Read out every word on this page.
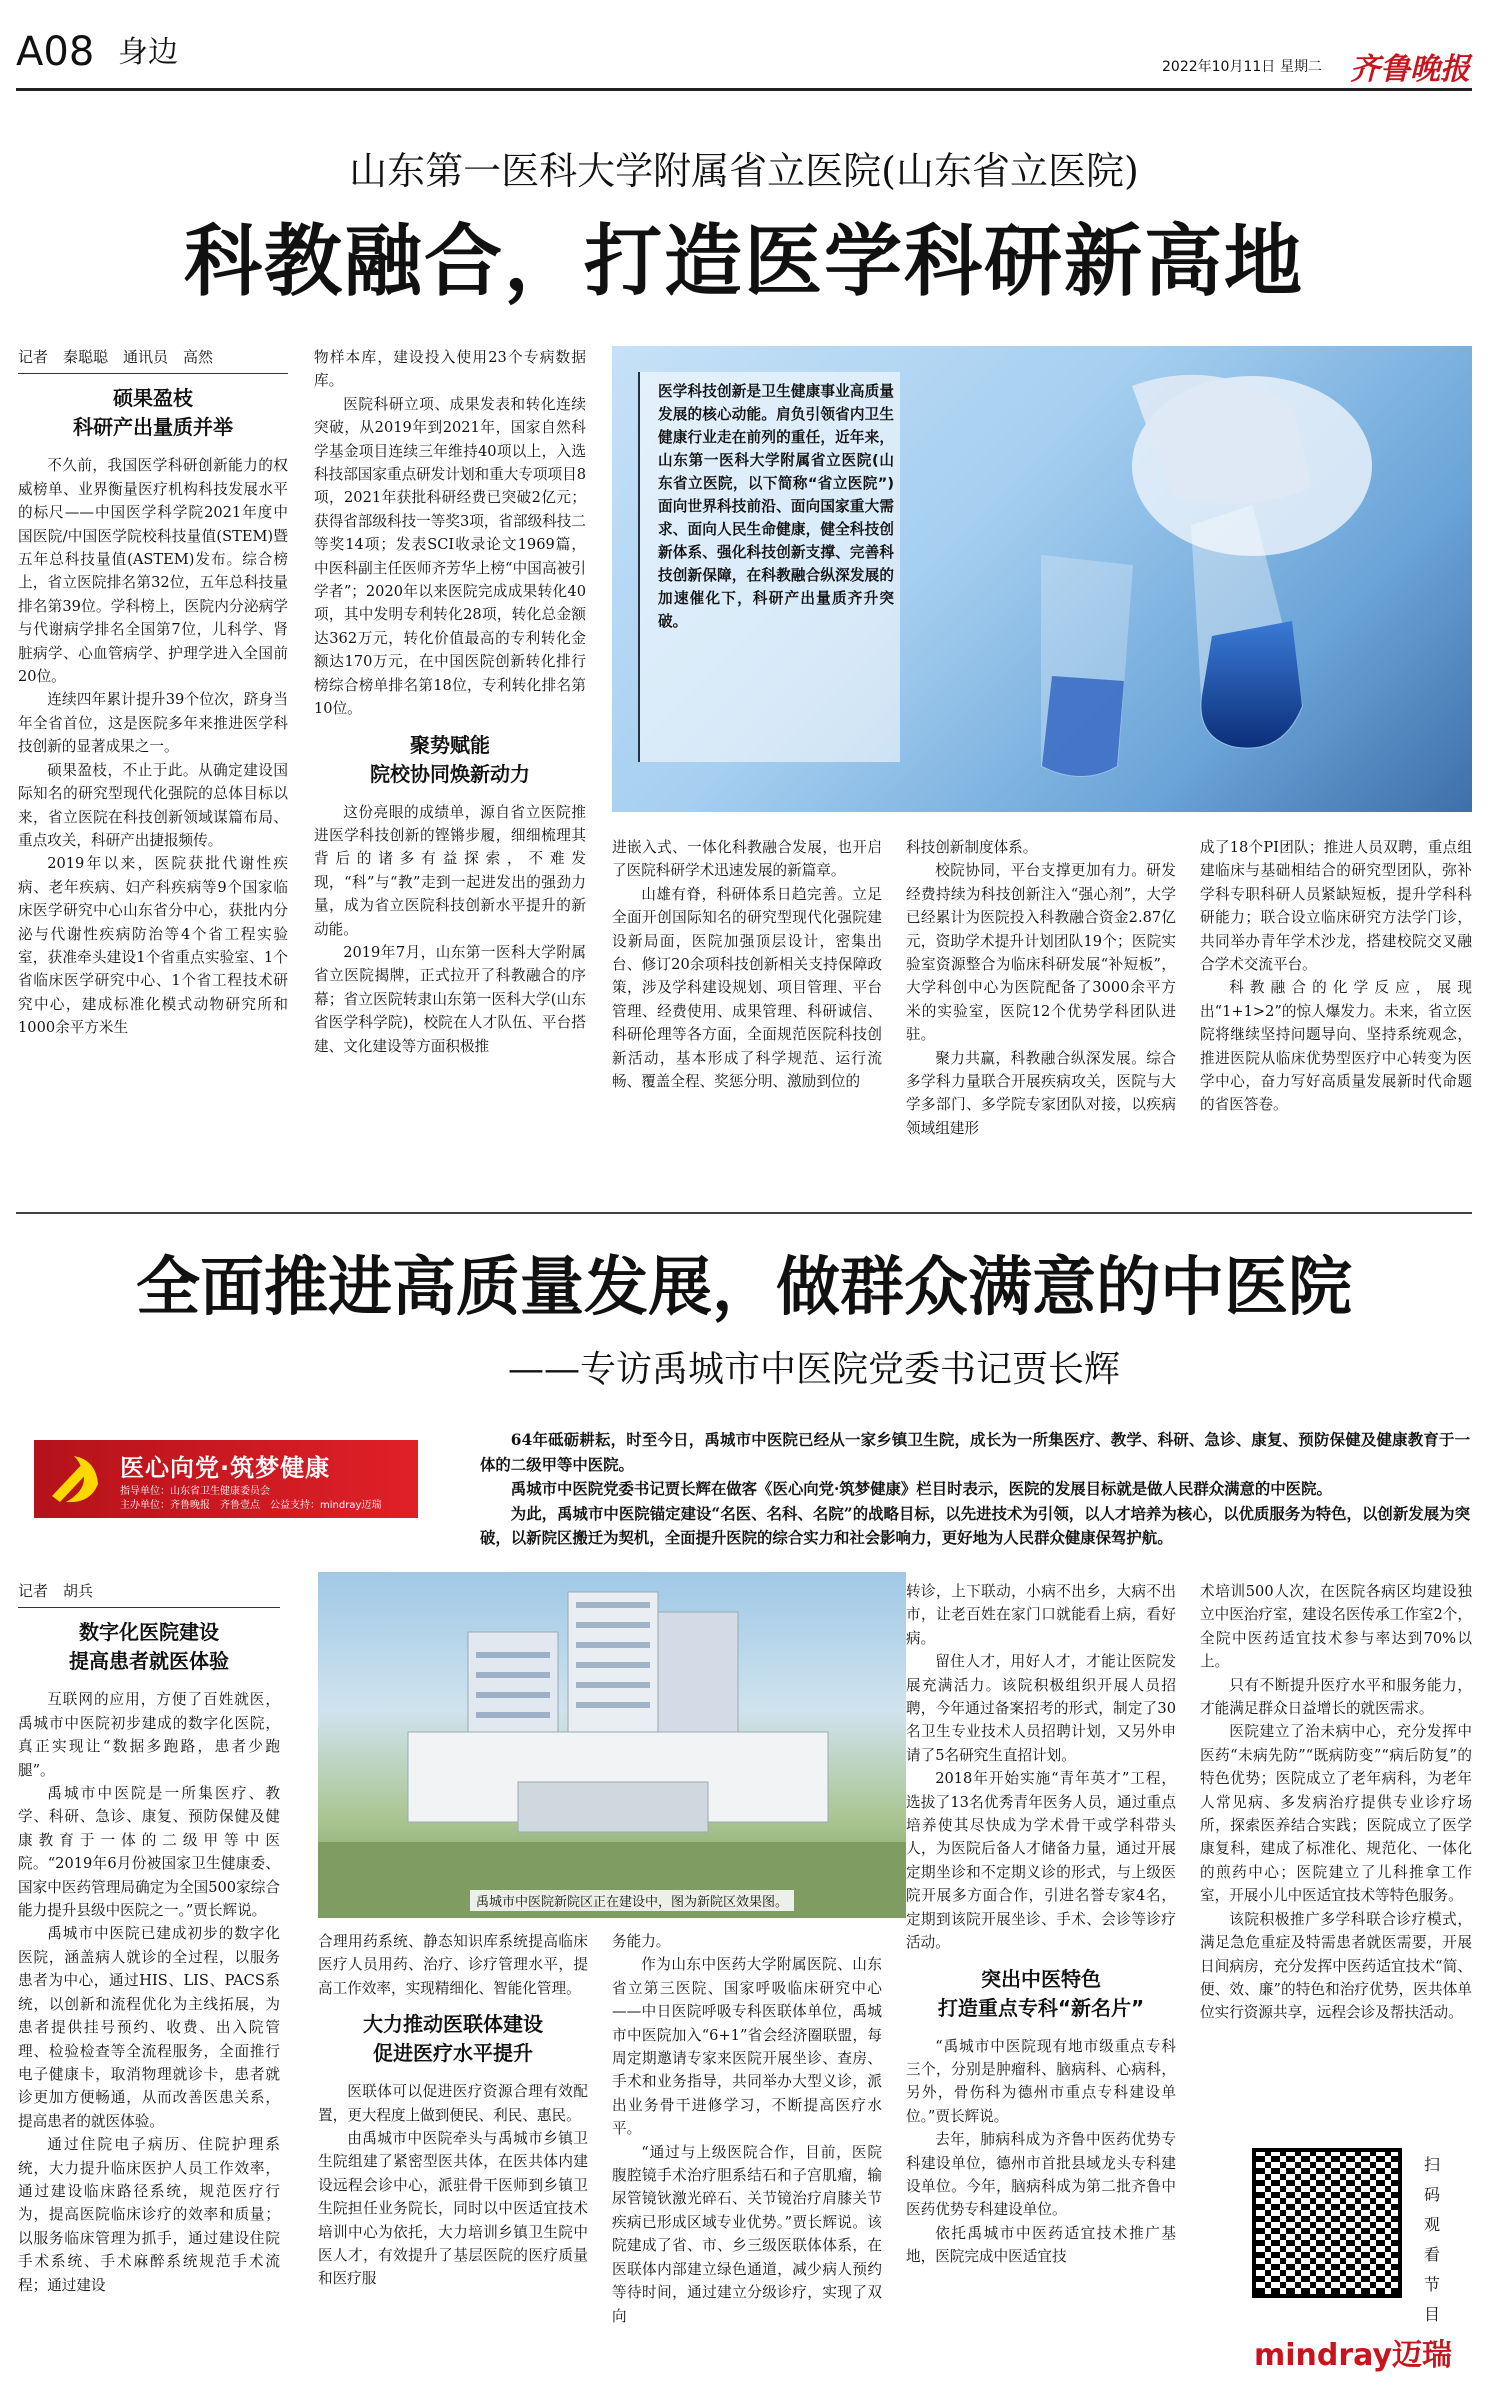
A08 身边	2022年10月11日 星期二 齐鲁晚报
山东第一医科大学附属省立医院(山东省立医院)
科教融合，打造医学科研新高地
记者　秦聪聪　通讯员　高然
硕果盈枝
科研产出量质并举

不久前，我国医学科研创新能力的权威榜单、业界衡量医疗机构科技发展水平的标尺——中国医学科学院2021年度中国医院/中国医学院校科技量值(STEM)暨五年总科技量值(ASTEM)发布。综合榜上，省立医院排名第32位，五年总科技量排名第39位。学科榜上，医院内分泌病学与代谢病学排名全国第7位，儿科学、肾脏病学、心血管病学、护理学进入全国前20位。

连续四年累计提升39个位次，跻身当年全省首位，这是医院多年来推进医学科技创新的显著成果之一。

硕果盈枝，不止于此。从确定建设国际知名的研究型现代化强院的总体目标以来，省立医院在科技创新领域谋篇布局、重点攻关，科研产出捷报频传。

2019年以来，医院获批代谢性疾病、老年疾病、妇产科疾病等9个国家临床医学研究中心山东省分中心，获批内分泌与代谢性疾病防治等4个省工程实验室，获准牵头建设1个省重点实验室、1个省临床医学研究中心、1个省工程技术研究中心，建成标准化模式动物研究所和1000余平方米生

物样本库，建设投入使用23个专病数据库。

医院科研立项、成果发表和转化连续突破，从2019年到2021年，国家自然科学基金项目连续三年维持40项以上，入选科技部国家重点研发计划和重大专项项目8项，2021年获批科研经费已突破2亿元；获得省部级科技一等奖3项，省部级科技二等奖14项；发表SCI收录论文1969篇，中医科副主任医师齐芳华上榜“中国高被引学者”；2020年以来医院完成成果转化40项，其中发明专利转化28项，转化总金额达362万元，转化价值最高的专利转化金额达170万元，在中国医院创新转化排行榜综合榜单排名第18位，专利转化排名第10位。

聚势赋能
院校协同焕新动力

这份亮眼的成绩单，源自省立医院推进医学科技创新的铿锵步履，细细梳理其背后的诸多有益探索，不难发现，“科”与“教”走到一起进发出的强劲力量，成为省立医院科技创新水平提升的新动能。

2019年7月，山东第一医科大学附属省立医院揭牌，正式拉开了科教融合的序幕；省立医院转隶山东第一医科大学(山东省医学科学院)，校院在人才队伍、平台搭建、文化建设等方面积极推

医学科技创新是卫生健康事业高质量发展的核心动能。肩负引领省内卫生健康行业走在前列的重任，近年来，山东第一医科大学附属省立医院(山东省立医院，以下简称“省立医院”)面向世界科技前沿、面向国家重大需求、面向人民生命健康，健全科技创新体系、强化科技创新支撑、完善科技创新保障，在科教融合纵深发展的加速催化下，科研产出量质齐升突破。

进嵌入式、一体化科教融合发展，也开启了医院科研学术迅速发展的新篇章。

山雄有脊，科研体系日趋完善。立足全面开创国际知名的研究型现代化强院建设新局面，医院加强顶层设计，密集出台、修订20余项科技创新相关支持保障政策，涉及学科建设规划、项目管理、平台管理、经费使用、成果管理、科研诚信、科研伦理等各方面，全面规范医院科技创新活动，基本形成了科学规范、运行流畅、覆盖全程、奖惩分明、激励到位的

科技创新制度体系。

校院协同，平台支撑更加有力。研发经费持续为科技创新注入“强心剂”，大学已经累计为医院投入科教融合资金2.87亿元，资助学术提升计划团队19个；医院实验室资源整合为临床科研发展“补短板”，大学科创中心为医院配备了3000余平方米的实验室，医院12个优势学科团队进驻。

聚力共赢，科教融合纵深发展。综合多学科力量联合开展疾病攻关，医院与大学多部门、多学院专家团队对接，以疾病领域组建形

成了18个PI团队；推进人员双聘，重点组建临床与基础相结合的研究型团队，弥补学科专职科研人员紧缺短板，提升学科科研能力；联合设立临床研究方法学门诊，共同举办青年学术沙龙，搭建校院交叉融合学术交流平台。

科教融合的化学反应，展现出“1+1>2”的惊人爆发力。未来，省立医院将继续坚持问题导向、坚持系统观念，推进医院从临床优势型医疗中心转变为医学中心，奋力写好高质量发展新时代命题的省医答卷。

全面推进高质量发展，做群众满意的中医院
——专访禹城市中医院党委书记贾长辉
医心向党·筑梦健康
指导单位：山东省卫生健康委员会
主办单位：齐鲁晚报　齐鲁壹点　公益支持：mindray迈瑞

64年砥砺耕耘，时至今日，禹城市中医院已经从一家乡镇卫生院，成长为一所集医疗、教学、科研、急诊、康复、预防保健及健康教育于一体的二级甲等中医院。

禹城市中医院党委书记贾长辉在做客《医心向党·筑梦健康》栏目时表示，医院的发展目标就是做人民群众满意的中医院。

为此，禹城市中医院锚定建设“名医、名科、名院”的战略目标，以先进技术为引领，以人才培养为核心，以优质服务为特色，以创新发展为突破，以新院区搬迁为契机，全面提升医院的综合实力和社会影响力，更好地为人民群众健康保驾护航。

记者　胡兵
数字化医院建设
提高患者就医体验

互联网的应用，方便了百姓就医，禹城市中医院初步建成的数字化医院，真正实现让“数据多跑路，患者少跑腿”。

禹城市中医院是一所集医疗、教学、科研、急诊、康复、预防保健及健康教育于一体的二级甲等中医院。“2019年6月份被国家卫生健康委、国家中医药管理局确定为全国500家综合能力提升县级中医院之一。”贾长辉说。

禹城市中医院已建成初步的数字化医院，涵盖病人就诊的全过程，以服务患者为中心，通过HIS、LIS、PACS系统，以创新和流程优化为主线拓展，为患者提供挂号预约、收费、出入院管理、检验检查等全流程服务，全面推行电子健康卡，取消物理就诊卡，患者就诊更加方便畅通，从而改善医患关系，提高患者的就医体验。

通过住院电子病历、住院护理系统，大力提升临床医护人员工作效率，通过建设临床路径系统，规范医疗行为，提高医院临床诊疗的效率和质量；以服务临床管理为抓手，通过建设住院手术系统、手术麻醉系统规范手术流程；通过建设

禹城市中医院新院区正在建设中，图为新院区效果图。

合理用药系统、静态知识库系统提高临床医疗人员用药、治疗、诊疗管理水平，提高工作效率，实现精细化、智能化管理。

大力推动医联体建设
促进医疗水平提升

医联体可以促进医疗资源合理有效配置，更大程度上做到便民、利民、惠民。

由禹城市中医院牵头与禹城市乡镇卫生院组建了紧密型医共体，在医共体内建设远程会诊中心，派驻骨干医师到乡镇卫生院担任业务院长，同时以中医适宜技术培训中心为依托，大力培训乡镇卫生院中医人才，有效提升了基层医院的医疗质量和医疗服

务能力。

作为山东中医药大学附属医院、山东省立第三医院、国家呼吸临床研究中心——中日医院呼吸专科医联体单位，禹城市中医院加入“6+1”省会经济圈联盟，每周定期邀请专家来医院开展坐诊、查房、手术和业务指导，共同举办大型义诊，派出业务骨干进修学习，不断提高医疗水平。

“通过与上级医院合作，目前，医院腹腔镜手术治疗胆系结石和子宫肌瘤，输尿管镜钬激光碎石、关节镜治疗肩膝关节疾病已形成区域专业优势。”贾长辉说。该院建成了省、市、乡三级医联体体系，在医联体内部建立绿色通道，减少病人预约等待时间，通过建立分级诊疗，实现了双向

转诊，上下联动，小病不出乡，大病不出市，让老百姓在家门口就能看上病，看好病。

留住人才，用好人才，才能让医院发展充满活力。该院积极组织开展人员招聘，今年通过备案招考的形式，制定了30名卫生专业技术人员招聘计划，又另外申请了5名研究生直招计划。

2018年开始实施“青年英才”工程，选拔了13名优秀青年医务人员，通过重点培养使其尽快成为学术骨干或学科带头人，为医院后备人才储备力量，通过开展定期坐诊和不定期义诊的形式，与上级医院开展多方面合作，引进名誉专家4名，定期到该院开展坐诊、手术、会诊等诊疗活动。

突出中医特色
打造重点专科“新名片”

“禹城市中医院现有地市级重点专科三个，分别是肿瘤科、脑病科、心病科，另外，骨伤科为德州市重点专科建设单位。”贾长辉说。

去年，肺病科成为齐鲁中医药优势专科建设单位，德州市首批县域龙头专科建设单位。今年，脑病科成为第二批齐鲁中医药优势专科建设单位。

依托禹城市中医药适宜技术推广基地，医院完成中医适宜技

术培训500人次，在医院各病区均建设独立中医治疗室，建设名医传承工作室2个，全院中医药适宜技术参与率达到70%以上。

只有不断提升医疗水平和服务能力，才能满足群众日益增长的就医需求。

医院建立了治未病中心，充分发挥中医药“未病先防”“既病防变”“病后防复”的特色优势；医院成立了老年病科，为老年人常见病、多发病治疗提供专业诊疗场所，探索医养结合实践；医院成立了医学康复科，建成了标准化、规范化、一体化的煎药中心；医院建立了儿科推拿工作室，开展小儿中医适宜技术等特色服务。

该院积极推广多学科联合诊疗模式，满足急危重症及特需患者就医需要，开展日间病房，充分发挥中医药适宜技术“简、便、效、廉”的特色和治疗优势，医共体单位实行资源共享，远程会诊及帮扶活动。

扫码观看节目
mindray迈瑞
